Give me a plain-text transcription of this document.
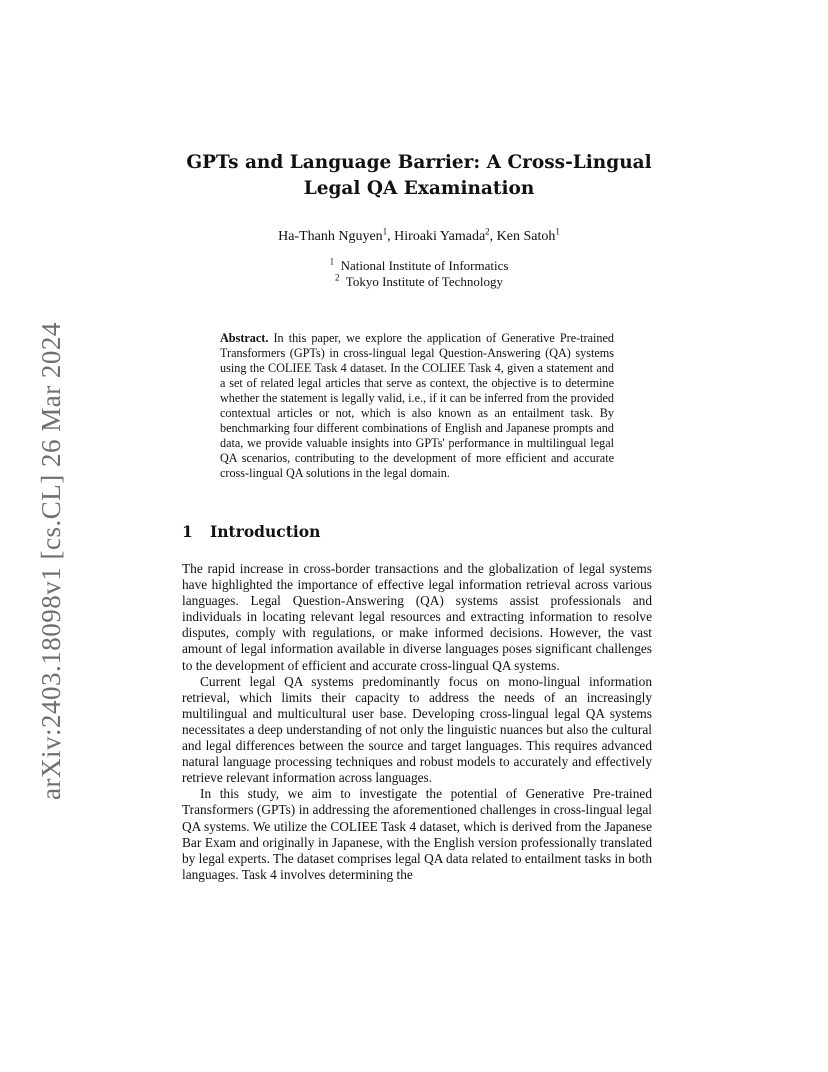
arXiv:2403.18098v1 [cs.CL] 26 Mar 2024
GPTs and Language Barrier: A Cross-Lingual
Legal QA Examination
Ha-Thanh Nguyen$^1$, Hiroaki Yamada$^2$, Ken Satoh$^1$
$^1$ National Institute of Informatics
$^2$ Tokyo Institute of Technology
Abstract. In this paper, we explore the application of Generative Pre-trained Transformers (GPTs) in cross-lingual legal Question-Answering (QA) systems using the COLIEE Task 4 dataset. In the COLIEE Task 4, given a statement and a set of related legal articles that serve as context, the objective is to determine whether the statement is legally valid, i.e., if it can be inferred from the provided contextual articles or not, which is also known as an entailment task. By benchmarking four different combinations of English and Japanese prompts and data, we provide valuable insights into GPTs' performance in multilingual legal QA scenarios, contributing to the development of more efficient and accurate cross-lingual QA solutions in the legal domain.
1 Introduction

The rapid increase in cross-border transactions and the globalization of legal systems have highlighted the importance of effective legal information retrieval across various languages. Legal Question-Answering (QA) systems assist professionals and individuals in locating relevant legal resources and extracting information to resolve disputes, comply with regulations, or make informed decisions. However, the vast amount of legal information available in diverse languages poses significant challenges to the development of efficient and accurate cross-lingual QA systems.

Current legal QA systems predominantly focus on mono-lingual information retrieval, which limits their capacity to address the needs of an increasingly multilingual and multicultural user base. Developing cross-lingual legal QA systems necessitates a deep understanding of not only the linguistic nuances but also the cultural and legal differences between the source and target languages. This requires advanced natural language processing techniques and robust models to accurately and effectively retrieve relevant information across languages.

In this study, we aim to investigate the potential of Generative Pre-trained Transformers (GPTs) in addressing the aforementioned challenges in cross-lingual legal QA systems. We utilize the COLIEE Task 4 dataset, which is derived from the Japanese Bar Exam and originally in Japanese, with the English version professionally translated by legal experts. The dataset comprises legal QA data related to entailment tasks in both languages. Task 4 involves determining the
